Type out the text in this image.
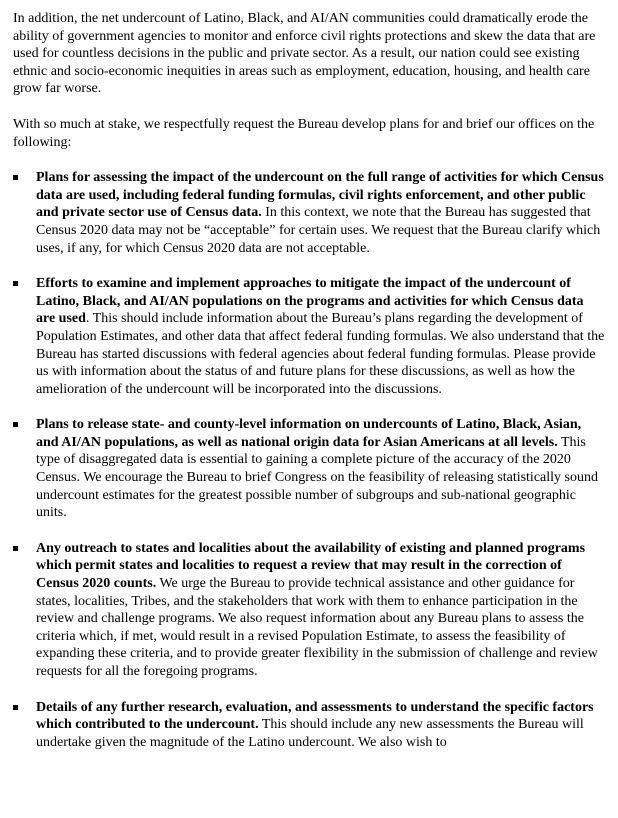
In addition, the net undercount of Latino, Black, and AI/AN communities could dramatically erode the ability of government agencies to monitor and enforce civil rights protections and skew the data that are used for countless decisions in the public and private sector. As a result, our nation could see existing ethnic and socio-economic inequities in areas such as employment, education, housing, and health care grow far worse.

With so much at stake, we respectfully request the Bureau develop plans for and brief our offices on the following:

Plans for assessing the impact of the undercount on the full range of activities for which Census data are used, including federal funding formulas, civil rights enforcement, and other public and private sector use of Census data. In this context, we note that the Bureau has suggested that Census 2020 data may not be “acceptable” for certain uses. We request that the Bureau clarify which uses, if any, for which Census 2020 data are not acceptable.
Efforts to examine and implement approaches to mitigate the impact of the undercount of Latino, Black, and AI/AN populations on the programs and activities for which Census data are used. This should include information about the Bureau’s plans regarding the development of Population Estimates, and other data that affect federal funding formulas. We also understand that the Bureau has started discussions with federal agencies about federal funding formulas. Please provide us with information about the status of and future plans for these discussions, as well as how the amelioration of the undercount will be incorporated into the discussions.
Plans to release state- and county-level information on undercounts of Latino, Black, Asian, and AI/AN populations, as well as national origin data for Asian Americans at all levels. This type of disaggregated data is essential to gaining a complete picture of the accuracy of the 2020 Census. We encourage the Bureau to brief Congress on the feasibility of releasing statistically sound undercount estimates for the greatest possible number of subgroups and sub-national geographic units.
Any outreach to states and localities about the availability of existing and planned programs which permit states and localities to request a review that may result in the correction of Census 2020 counts. We urge the Bureau to provide technical assistance and other guidance for states, localities, Tribes, and the stakeholders that work with them to enhance participation in the review and challenge programs. We also request information about any Bureau plans to assess the criteria which, if met, would result in a revised Population Estimate, to assess the feasibility of expanding these criteria, and to provide greater flexibility in the submission of challenge and review requests for all the foregoing programs.
Details of any further research, evaluation, and assessments to understand the specific factors which contributed to the undercount. This should include any new assessments the Bureau will undertake given the magnitude of the Latino undercount. We also wish to
